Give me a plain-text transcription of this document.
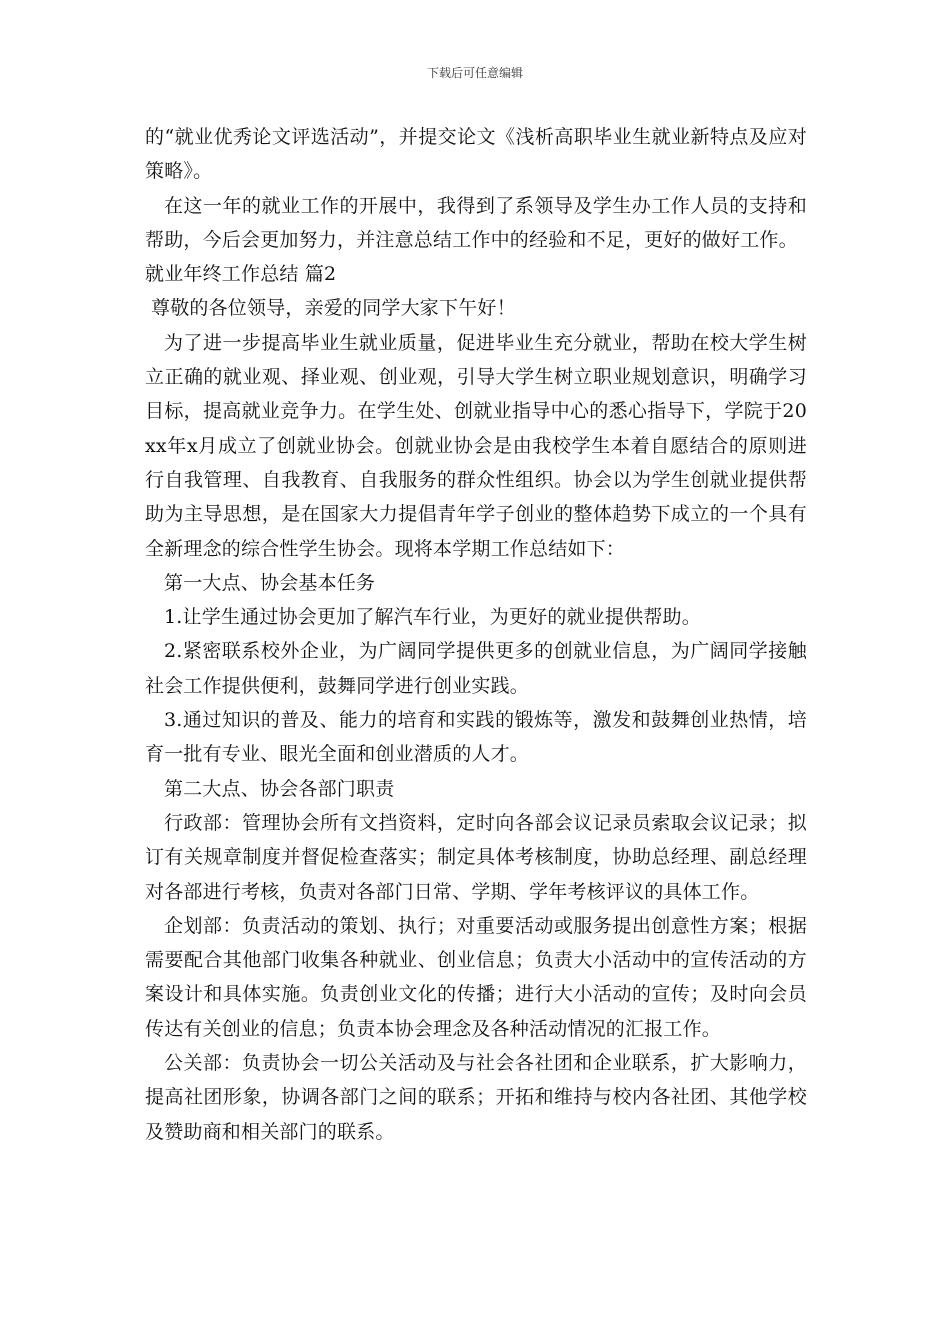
下载后可任意编辑

的“就业优秀论文评选活动”，并提交论文《浅析高职毕业生就业新特点及应对策略》。

在这一年的就业工作的开展中，我得到了系领导及学生办工作人员的支持和帮助，今后会更加努力，并注意总结工作中的经验和不足，更好的做好工作。

就业年终工作总结 篇2

尊敬的各位领导，亲爱的同学大家下午好！

为了进一步提高毕业生就业质量，促进毕业生充分就业，帮助在校大学生树立正确的就业观、择业观、创业观，引导大学生树立职业规划意识，明确学习目标，提高就业竞争力。在学生处、创就业指导中心的悉心指导下，学院于20xx年x月成立了创就业协会。创就业协会是由我校学生本着自愿结合的原则进行自我管理、自我教育、自我服务的群众性组织。协会以为学生创就业提供帮助为主导思想，是在国家大力提倡青年学子创业的整体趋势下成立的一个具有全新理念的综合性学生协会。现将本学期工作总结如下：

第一大点、协会基本任务

1.让学生通过协会更加了解汽车行业，为更好的就业提供帮助。

2.紧密联系校外企业，为广阔同学提供更多的创就业信息，为广阔同学接触社会工作提供便利，鼓舞同学进行创业实践。

3.通过知识的普及、能力的培育和实践的锻炼等，激发和鼓舞创业热情，培育一批有专业、眼光全面和创业潜质的人才。

第二大点、协会各部门职责

行政部：管理协会所有文挡资料，定时向各部会议记录员索取会议记录；拟订有关规章制度并督促检查落实；制定具体考核制度，协助总经理、副总经理对各部进行考核，负责对各部门日常、学期、学年考核评议的具体工作。

企划部：负责活动的策划、执行；对重要活动或服务提出创意性方案；根据需要配合其他部门收集各种就业、创业信息；负责大小活动中的宣传活动的方案设计和具体实施。负责创业文化的传播；进行大小活动的宣传；及时向会员传达有关创业的信息；负责本协会理念及各种活动情况的汇报工作。

公关部：负责协会一切公关活动及与社会各社团和企业联系，扩大影响力，提高社团形象，协调各部门之间的联系；开拓和维持与校内各社团、其他学校及赞助商和相关部门的联系。
